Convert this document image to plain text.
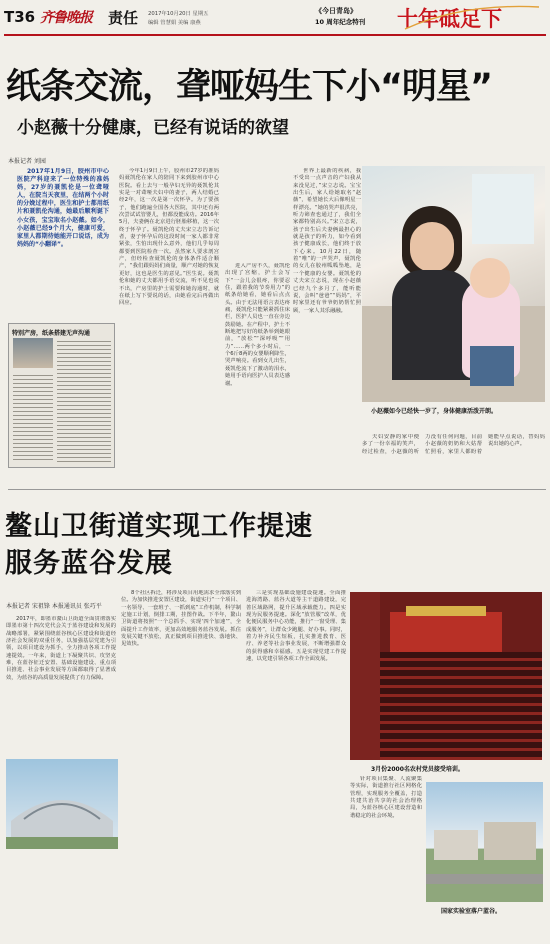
T36 齐鲁晚报 责任 2017年10月20日 星期五
编辑 管慧娟 美编 康燕
《今日青岛》
10 周年纪念特刊 十年砥足下
纸条交流，聋哑妈生下小“明星”
小赵薇十分健康，已经有说话的欲望
本报记者 刘园

2017年1月9日，胶州市中心医院产科迎来了一位特殊的准妈妈，27岁的聂凯伦是一位聋哑人，在院当天夜里，在结两个小时的分娩过程中，医生和护士都用纸片和聂凯伦沟通，她最后顺利诞下小女孩，宝宝取名小赵薇。如今，小赵薇已经9个月大，健康可爱，家里人都期待她能开口说话，成为妈妈的“小翻译”。

特别产房，纸条搭建无声沟通

今年1月9日上午，胶州市27岁的准妈妈聂凯伦在家人的陪同下来到胶州市中心医院。看上去与一般孕妇无异的聂凯伦其实是一对聋哑夫妇中的妻子，两人结婚已经2年，这一次是第一次怀孕。为了要孩子，他们跑遍全国各大医院，其中还有两次尝试试管婴儿，但都没能成功。2016年5月，夫妻俩在北京进行胚胎移植，这一次终于怀孕了。聂凯伦的丈夫宋立志告诉记者，妻子怀孕后的这段时间一家人都非常紧张，生怕出现什么意外，他们几乎每周都要到医院检查一次。虽然家人要求剖宫产，但经检查聂凯伦的身体条件适合顺产，“我们跟妈妈们商量，顺产对她的恢复更好，这也是医生的意见。”医生说。聂凯伦和她的丈夫都用手语交流，听不见也说不出，产房里的护士需要和她沟通时，就在纸上写下要说的话，由她看完后再做出回应。

进入产房不久，聂凯伦出现了宫缩，护士会写下“一会儿会很疼，你要忍住，跟着我的节奏用力”的纸条给她看，她看后点点头。由于无法用语言表达疼痛，聂凯伦只能紧紧抓住床栏，医护人员也一直在旁边鼓励她。在产程中，护士不断地把写好的纸条举到她眼前，“放松”“深呼吸”“用力”……两个多小时后，一个6斤8两的女婴顺利降生，哭声响亮。看到女儿出生，聂凯伦流下了激动的泪水，她用手语向医护人员表达感谢。

世界上最新的疾病，我不受出一点声音的产妇我从来没见过，”宋立志说。宝宝出生后，家人给她取名“赵薇”，希望她长大后像明星一样漂亮。“她的哭声很洪亮，听力筛查也通过了，我们全家都特别高兴。”宋立志说，孩子出生后夫妻俩最担心的就是孩子的听力，如今看到孩子健康成长，他们终于放下心来。10月22日，随着“唯”的一声哭声，聂凯伦的女儿在胶州呱呱坠地，是一个健康的女婴。聂凯伦的丈夫宋立志说，现在小赵薇已经九个多月了，能听能说，会叫“爸爸”“妈妈”，平时家里还有爷爷奶奶帮忙照顾，一家人其乐融融。

小赵薇如今已经快一岁了，身体健康活泼开朗。

夫妇安静的家中便多了一份幸福的笑声，经过检查，小赵薇的听力没有任何问题，目前小赵薇的奶奶和大姑帮忙照看，家里人都盼着她能早点说话，替妈妈说出她的心声。

鳌山卫街道实现工作提速
服务蓝谷发展
本报记者 宋祖锋 本报通讯员 张巧平

2017年，即墨市鳌山卫街道全面贯彻落实即墨市第十四次党代会关于蓝谷建设和发展的战略部署，紧紧围绕蓝谷核心区建设和街道经济社会发展的双重任务，以加强基层党建为引领，以项目建设为抓手，全力推动各项工作提速提效。一年来，街道上下凝聚共识、攻坚克难，在蓝谷征迁安置、基础设施建设、重点项目推进、社会事业发展等方面都取得了显著成效，为蓝谷的高质量发展提供了有力保障。

8个社区拆迁，将涉及项目用地需求全部落实到位。为加快推进安置区建设，街道实行“一个项目、一名领导、一套班子、一抓到底”工作机制，科学制定施工计划，倒排工期，挂图作战。下半年，鳌山卫街道将按照“一个总抓手、实现‘四个加速’”，全面提升工作效率，更加高效地服务蓝谷发展。抓住发展关键不放松，真正做到项目推进快、落地快、见效快。

三是实现基础设施建设提速。全面推进海湾路、蓝谷大道等主干道路建设，完善区域路网，提升区域承载能力。四是实现为民服务提速。深化“放管服”改革，优化便民服务中心功能，推行“一窗受理、集成服务”，让群众少跑腿、好办事。同时，着力补齐民生短板，扎实推进教育、医疗、养老等社会事业发展，不断增强群众的获得感和幸福感。五是实现党建工作提速，以党建引领各项工作全面发展。

3月份2000名农村党员接受培训。

针对项目集聚、人流聚集等实际，街道推行社区网格化管理，实现服务全覆盖，打造共建共治共享的社会治理格局，为蓝谷核心区建设营造和谐稳定的社会环境。

国家实验室落户蓝谷。
